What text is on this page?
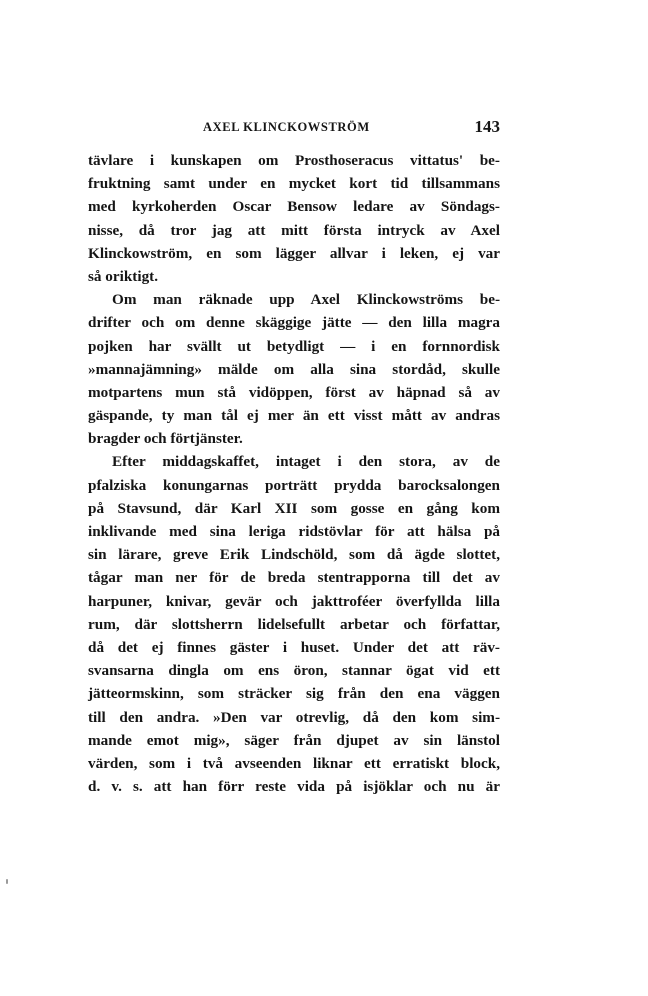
AXEL KLINCKOWSTRÖM	143
tävlare i kunskapen om Prosthoseracus vittatus' be-
fruktning samt under en mycket kort tid tillsammans
med kyrkoherden Oscar Bensow ledare av Söndags-
nisse, då tror jag att mitt första intryck av Axel
Klinckowström, en som lägger allvar i leken, ej var
så oriktigt.
Om man räknade upp Axel Klinckowströms be-
drifter och om denne skäggige jätte — den lilla magra
pojken har svällt ut betydligt — i en fornnordisk
»mannajämning» mälde om alla sina stordåd, skulle
motpartens mun stå vidöppen, först av häpnad så av
gäspande, ty man tål ej mer än ett visst mått av andras
bragder och förtjänster.
Efter middagskaffet, intaget i den stora, av de
pfalziska konungarnas porträtt prydda barocksalongen
på Stavsund, där Karl XII som gosse en gång kom
inklivande med sina leriga ridstövlar för att hälsa på
sin lärare, greve Erik Lindschöld, som då ägde slottet,
tågar man ner för de breda stentrapporna till det av
harpuner, knivar, gevär och jakttroféer överfyllda lilla
rum, där slottsherrn lidelsefullt arbetar och författar,
då det ej finnes gäster i huset. Under det att räv-
svansarna dingla om ens öron, stannar ögat vid ett
jätteormskinn, som sträcker sig från den ena väggen
till den andra. »Den var otrevlig, då den kom sim-
mande emot mig», säger från djupet av sin länstol
värden, som i två avseenden liknar ett erratiskt block,
d. v. s. att han förr reste vida på isjöklar och nu är
